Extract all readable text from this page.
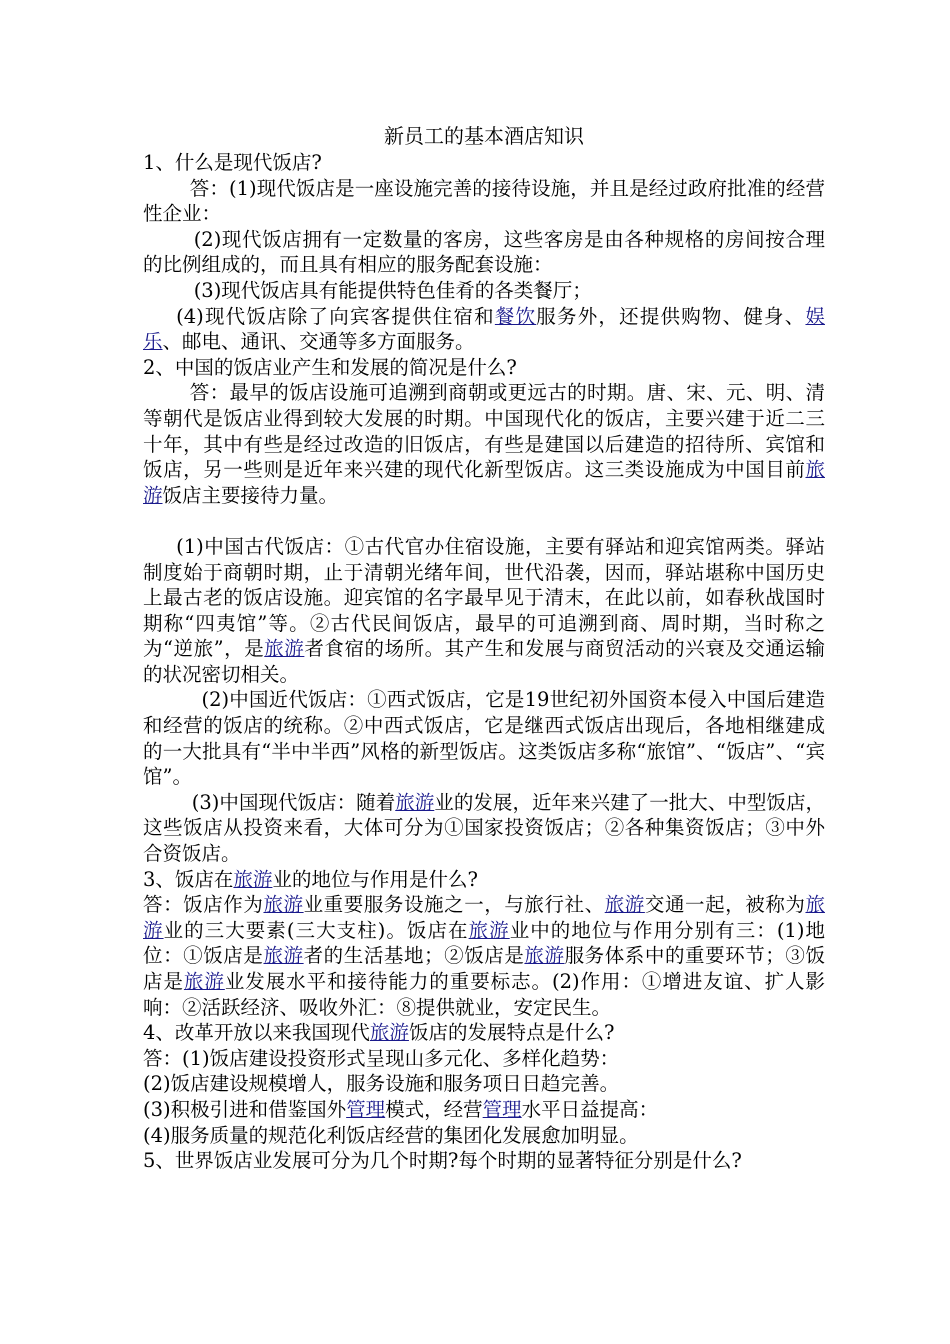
新员工的基本酒店知识

1、什么是现代饭店?

答：(1)现代饭店是一座设施完善的接待设施，并且是经过政府批准的经营性企业：

(2)现代饭店拥有一定数量的客房，这些客房是由各种规格的房间按合理的比例组成的，而且具有相应的服务配套设施：

(3)现代饭店具有能提供特色佳肴的各类餐厅；

(4)现代饭店除了向宾客提供住宿和餐饮服务外，还提供购物、健身、娱乐、邮电、通讯、交通等多方面服务。

2、中国的饭店业产生和发展的简况是什么?

答：最早的饭店设施可追溯到商朝或更远古的时期。唐、宋、元、明、清等朝代是饭店业得到较大发展的时期。中国现代化的饭店，主要兴建于近二三十年，其中有些是经过改造的旧饭店，有些是建国以后建造的招待所、宾馆和饭店，另一些则是近年来兴建的现代化新型饭店。这三类设施成为中国目前旅游饭店主要接待力量。

(1)中国古代饭店：①古代官办住宿设施，主要有驿站和迎宾馆两类。驿站制度始于商朝时期，止于清朝光绪年间，世代沿袭，因而，驿站堪称中国历史上最古老的饭店设施。迎宾馆的名字最早见于清末，在此以前，如春秋战国时期称“四夷馆”等。②古代民间饭店，最早的可追溯到商、周时期，当时称之为“逆旅”，是旅游者食宿的场所。其产生和发展与商贸活动的兴衰及交通运输的状况密切相关。

(2)中国近代饭店：①西式饭店，它是19世纪初外国资本侵入中国后建造和经营的饭店的统称。②中西式饭店，它是继西式饭店出现后，各地相继建成的一大批具有“半中半西”风格的新型饭店。这类饭店多称“旅馆”、“饭店”、“宾馆”。

(3)中国现代饭店：随着旅游业的发展，近年来兴建了一批大、中型饭店，这些饭店从投资来看，大体可分为①国家投资饭店；②各种集资饭店；③中外合资饭店。

3、饭店在旅游业的地位与作用是什么?

答：饭店作为旅游业重要服务设施之一，与旅行社、旅游交通一起，被称为旅游业的三大要素(三大支柱)。饭店在旅游业中的地位与作用分别有三：(1)地位：①饭店是旅游者的生活基地；②饭店是旅游服务体系中的重要环节；③饭店是旅游业发展水平和接待能力的重要标志。(2)作用：①增进友谊、扩人影响：②活跃经济、吸收外汇：⑧提供就业，安定民生。

4、改革开放以来我国现代旅游饭店的发展特点是什么?

答：(1)饭店建设投资形式呈现山多元化、多样化趋势：

(2)饭店建设规模增人，服务设施和服务项日日趋完善。

(3)积极引进和借鉴国外管理模式，经营管理水平日益提高：

(4)服务质量的规范化利饭店经营的集团化发展愈加明显。

5、世界饭店业发展可分为几个时期?每个时期的显著特征分别是什么?
